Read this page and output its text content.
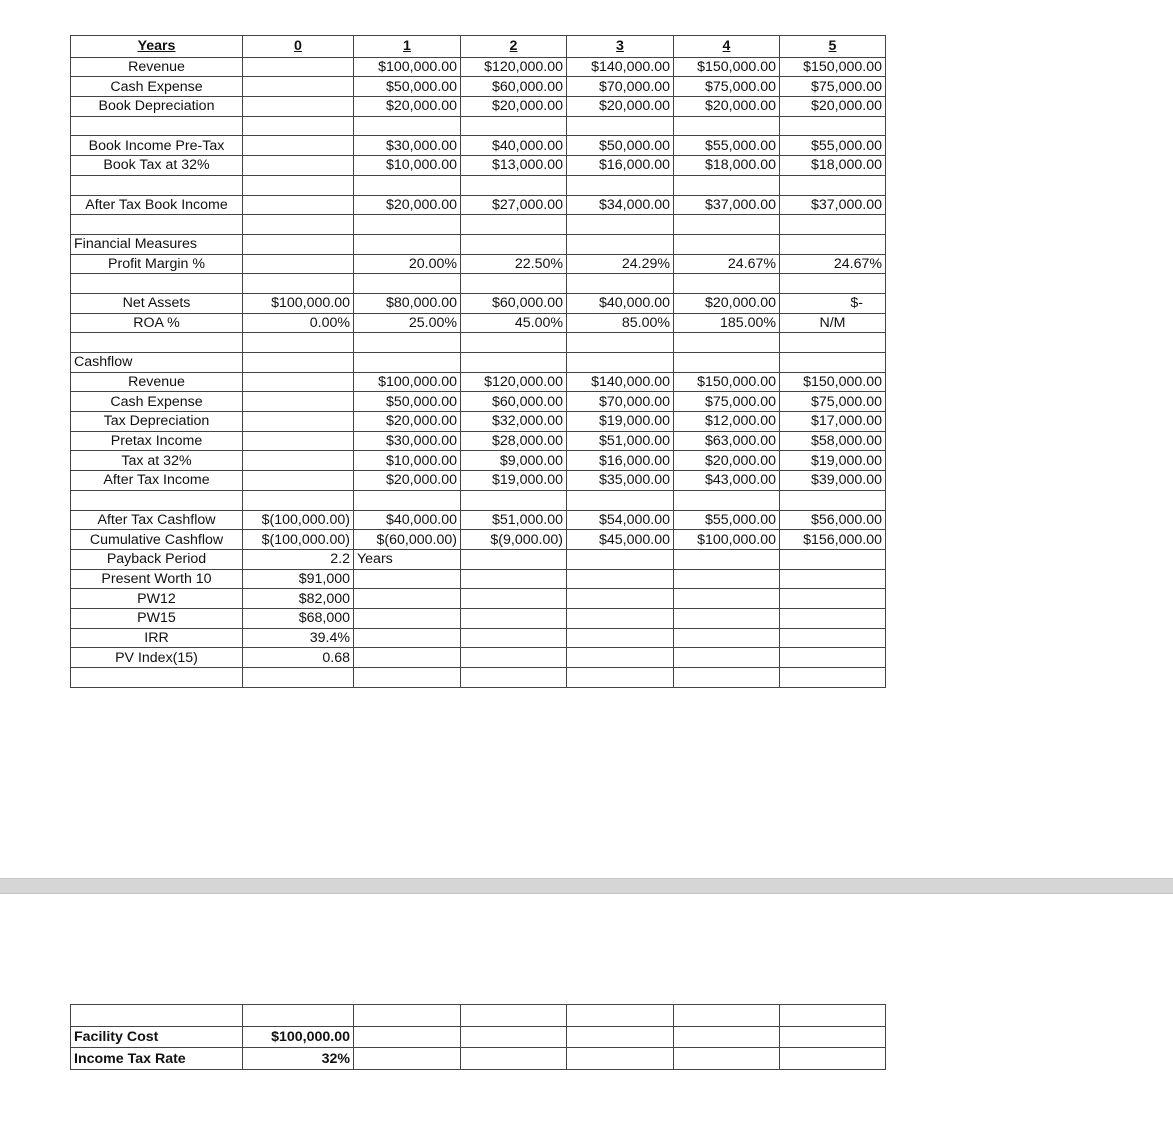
Years	0	1	2	3	4	5
Revenue		$100,000.00	$120,000.00	$140,000.00	$150,000.00	$150,000.00
Cash Expense		$50,000.00	$60,000.00	$70,000.00	$75,000.00	$75,000.00
Book Depreciation		$20,000.00	$20,000.00	$20,000.00	$20,000.00	$20,000.00

Book Income Pre-Tax		$30,000.00	$40,000.00	$50,000.00	$55,000.00	$55,000.00
Book Tax at 32%		$10,000.00	$13,000.00	$16,000.00	$18,000.00	$18,000.00

After Tax Book Income		$20,000.00	$27,000.00	$34,000.00	$37,000.00	$37,000.00

Financial Measures						
Profit Margin %		20.00%	22.50%	24.29%	24.67%	24.67%

Net Assets	$100,000.00	$80,000.00	$60,000.00	$40,000.00	$20,000.00	$-
ROA %	0.00%	25.00%	45.00%	85.00%	185.00%	N/M

Cashflow						
Revenue		$100,000.00	$120,000.00	$140,000.00	$150,000.00	$150,000.00
Cash Expense		$50,000.00	$60,000.00	$70,000.00	$75,000.00	$75,000.00
Tax Depreciation		$20,000.00	$32,000.00	$19,000.00	$12,000.00	$17,000.00
Pretax Income		$30,000.00	$28,000.00	$51,000.00	$63,000.00	$58,000.00
Tax at 32%		$10,000.00	$9,000.00	$16,000.00	$20,000.00	$19,000.00
After Tax Income		$20,000.00	$19,000.00	$35,000.00	$43,000.00	$39,000.00

After Tax Cashflow	$(100,000.00)	$40,000.00	$51,000.00	$54,000.00	$55,000.00	$56,000.00
Cumulative Cashflow	$(100,000.00)	$(60,000.00)	$(9,000.00)	$45,000.00	$100,000.00	$156,000.00
Payback Period	2.2	Years				
Present Worth 10	$91,000					
PW12	$82,000					
PW15	$68,000					
IRR	39.4%					
PV Index(15)	0.68					

Facility Cost	$100,000.00					
Income Tax Rate	32%					
